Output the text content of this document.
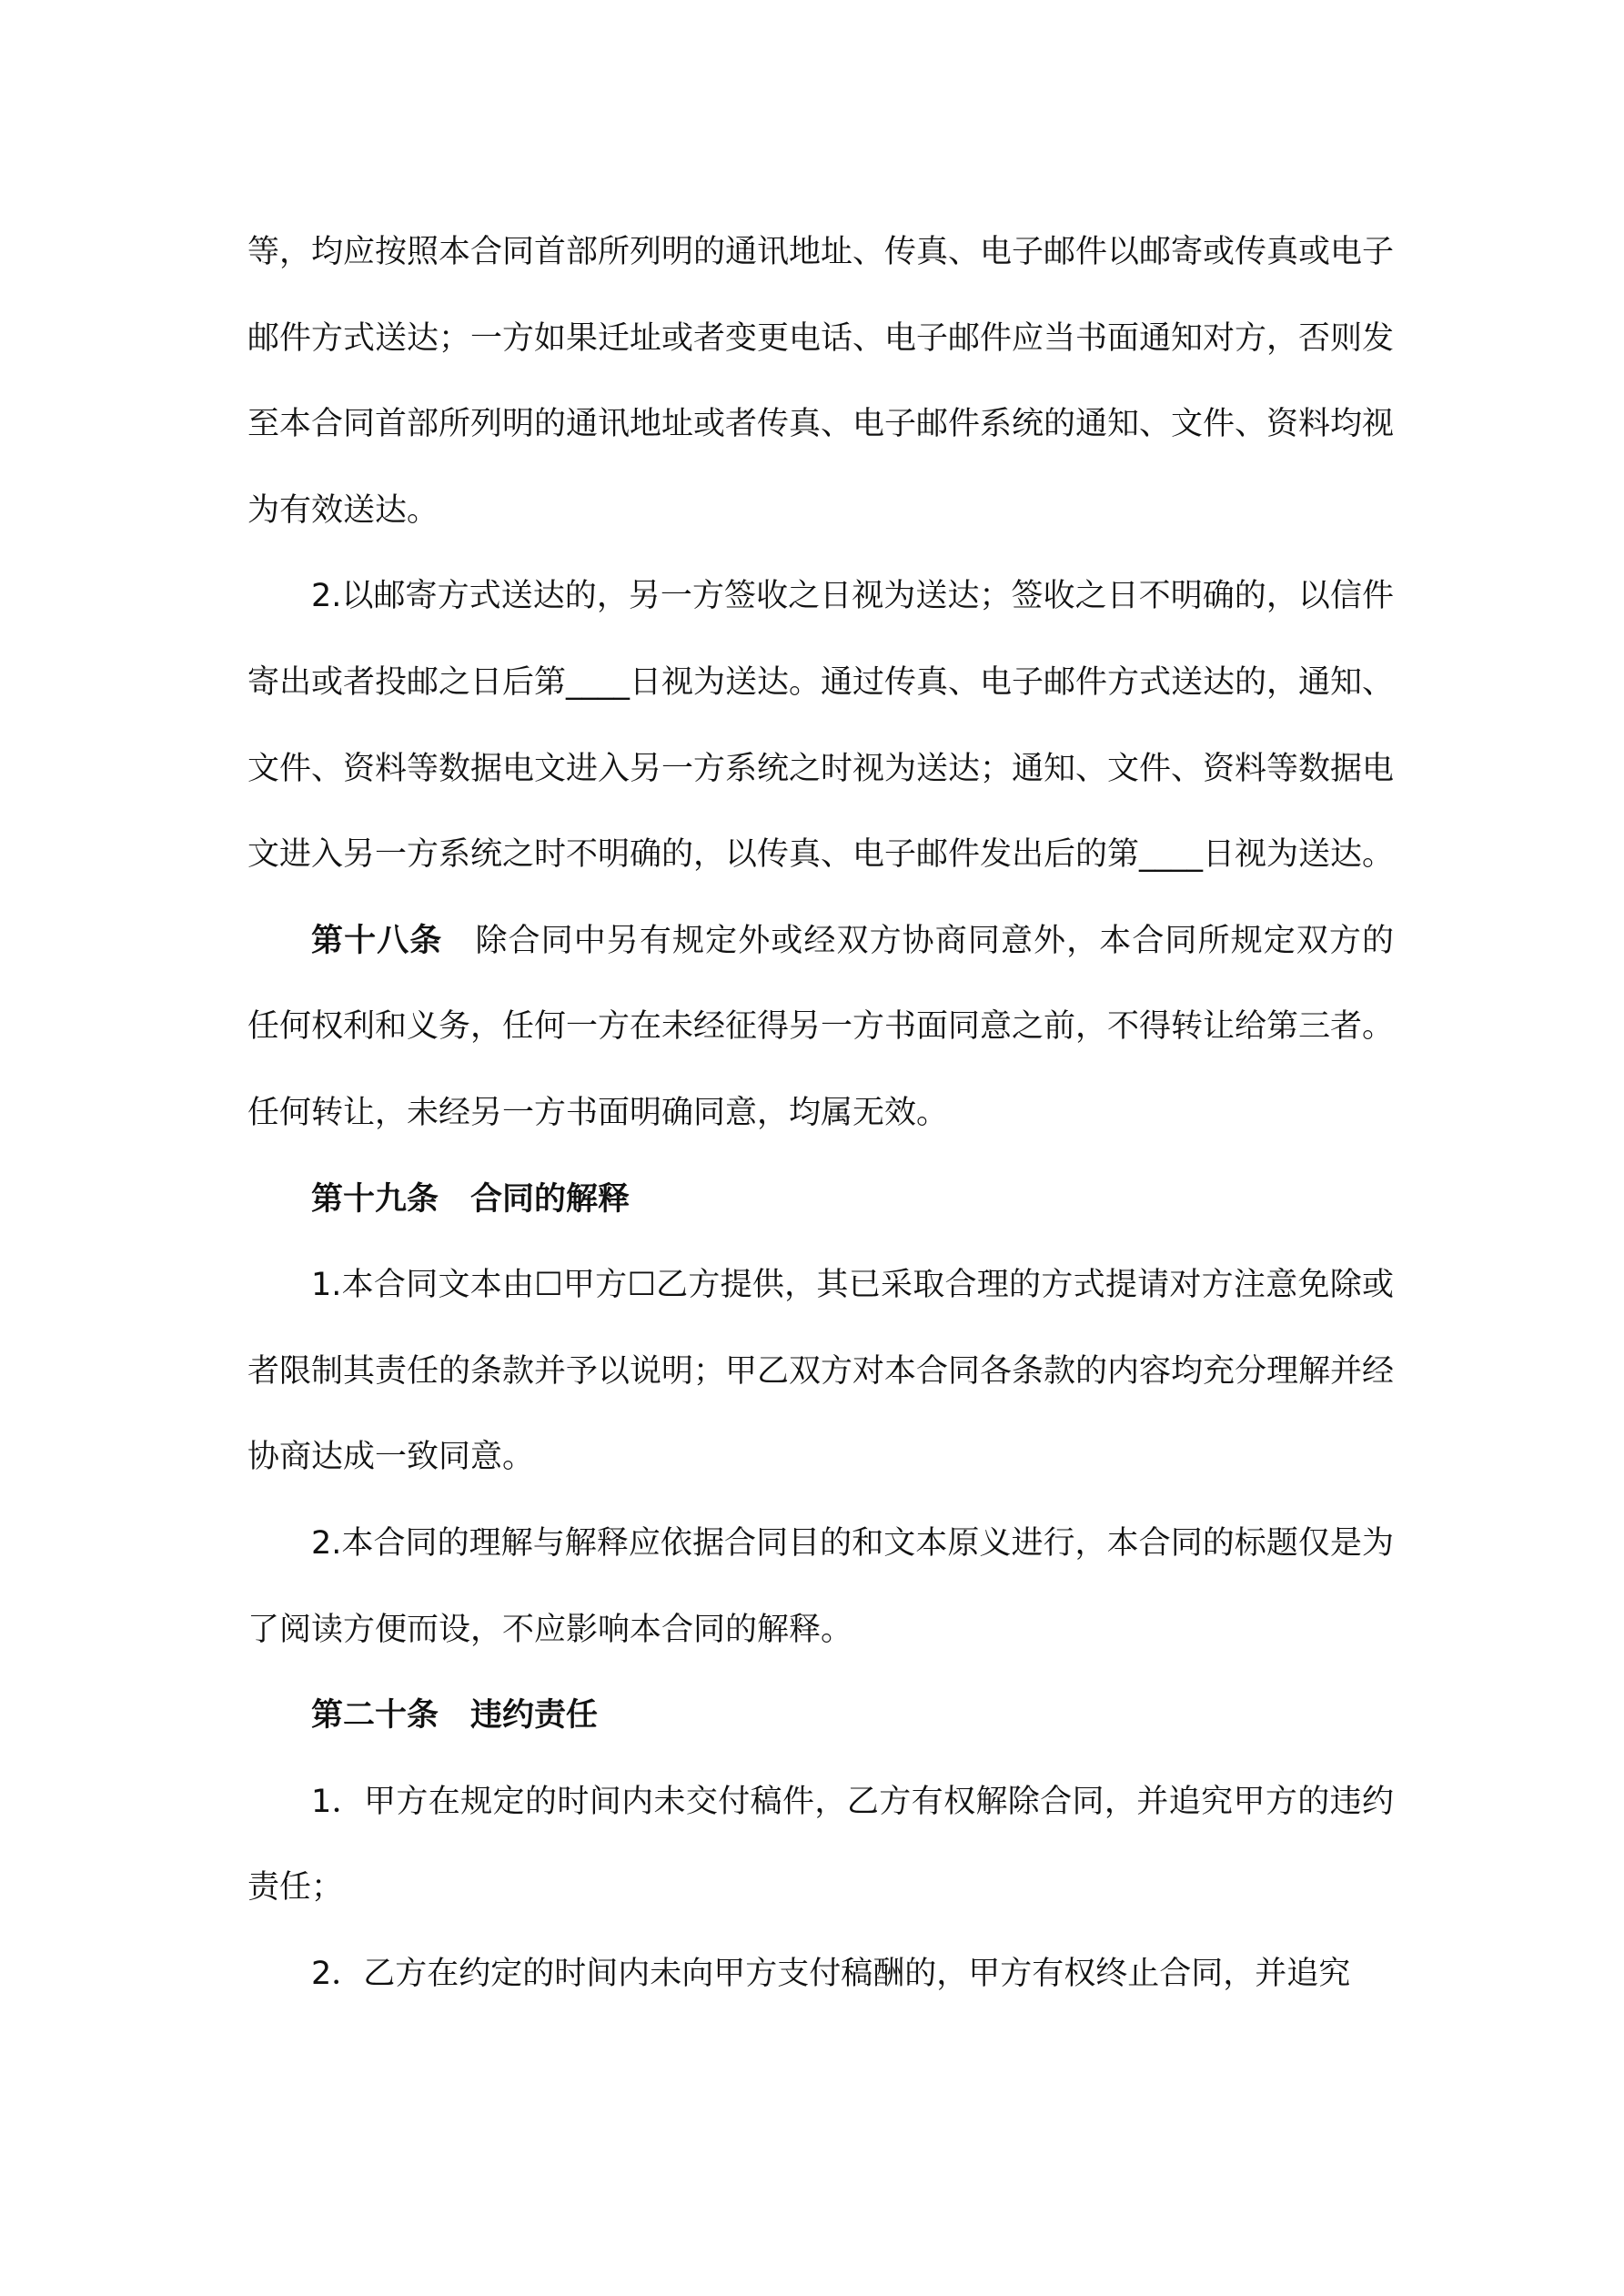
等，均应按照本合同首部所列明的通讯地址、传真、电子邮件以邮寄或传真或电子邮件方式送达；一方如果迁址或者变更电话、电子邮件应当书面通知对方，否则发至本合同首部所列明的通讯地址或者传真、电子邮件系统的通知、文件、资料均视为有效送达。

2.以邮寄方式送达的，另一方签收之日视为送达；签收之日不明确的，以信件寄出或者投邮之日后第____日视为送达。通过传真、电子邮件方式送达的，通知、文件、资料等数据电文进入另一方系统之时视为送达；通知、文件、资料等数据电文进入另一方系统之时不明确的，以传真、电子邮件发出后的第____日视为送达。

第十八条 除合同中另有规定外或经双方协商同意外，本合同所规定双方的任何权利和义务，任何一方在未经征得另一方书面同意之前，不得转让给第三者。任何转让，未经另一方书面明确同意，均属无效。

第十九条 合同的解释

1.本合同文本由☐甲方☐乙方提供，其已采取合理的方式提请对方注意免除或者限制其责任的条款并予以说明；甲乙双方对本合同各条款的内容均充分理解并经协商达成一致同意。

2.本合同的理解与解释应依据合同目的和文本原义进行，本合同的标题仅是为了阅读方便而设，不应影响本合同的解释。

第二十条 违约责任

1．甲方在规定的时间内未交付稿件，乙方有权解除合同，并追究甲方的违约责任；

2．乙方在约定的时间内未向甲方支付稿酬的，甲方有权终止合同，并追究
